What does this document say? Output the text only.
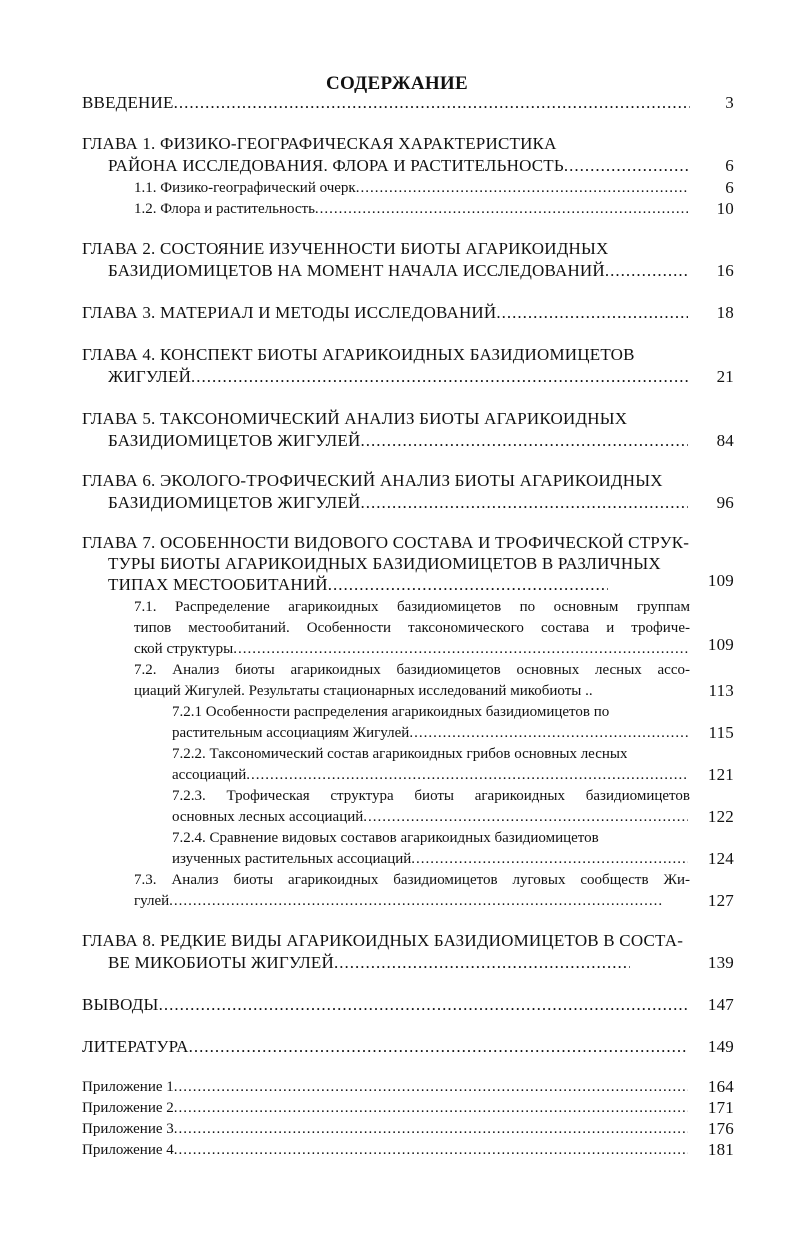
СОДЕРЖАНИЕ
ВВЕДЕНИЕ .....	3
ГЛАВА 1. ФИЗИКО-ГЕОГРАФИЧЕСКАЯ ХАРАКТЕРИСТИКА
РАЙОНА ИССЛЕДОВАНИЯ. ФЛОРА И РАСТИТЕЛЬНОСТЬ .....	6
1.1. Физико-географический очерк .....	6
1.2. Флора и растительность .....	10
ГЛАВА 2. СОСТОЯНИЕ ИЗУЧЕННОСТИ БИОТЫ АГАРИКОИДНЫХ
БАЗИДИОМИЦЕТОВ НА МОМЕНТ НАЧАЛА ИССЛЕДОВАНИЙ .....	16
ГЛАВА 3. МАТЕРИАЛ И МЕТОДЫ ИССЛЕДОВАНИЙ .....	18
ГЛАВА 4. КОНСПЕКТ БИОТЫ АГАРИКОИДНЫХ БАЗИДИОМИЦЕТОВ
ЖИГУЛЕЙ .....	21
ГЛАВА 5. ТАКСОНОМИЧЕСКИЙ АНАЛИЗ БИОТЫ АГАРИКОИДНЫХ
БАЗИДИОМИЦЕТОВ ЖИГУЛЕЙ .....	84
ГЛАВА 6. ЭКОЛОГО-ТРОФИЧЕСКИЙ АНАЛИЗ БИОТЫ АГАРИКОИДНЫХ
БАЗИДИОМИЦЕТОВ ЖИГУЛЕЙ .....	96
ГЛАВА 7. ОСОБЕННОСТИ ВИДОВОГО СОСТАВА И ТРОФИЧЕСКОЙ СТРУК-
ТУРЫ БИОТЫ АГАРИКОИДНЫХ БАЗИДИОМИЦЕТОВ В РАЗЛИЧНЫХ
ТИПАХ МЕСТООБИТАНИЙ .....	109
7.1. Распределение агарикоидных базидиомицетов по основным группам
типов местообитаний. Особенности таксономического состава и трофиче-
ской структуры .....	109
7.2. Анализ биоты агарикоидных базидиомицетов основных лесных ассо-
циаций Жигулей. Результаты стационарных исследований микобиоты ..	113
7.2.1 Особенности распределения агарикоидных базидиомицетов по
растительным ассоциациям Жигулей .....	115
7.2.2. Таксономический состав агарикоидных грибов основных лесных
ассоциаций .....	121
7.2.3. Трофическая структура биоты агарикоидных базидиомицетов
основных лесных ассоциаций .....	122
7.2.4. Сравнение видовых составов агарикоидных базидиомицетов
изученных растительных ассоциаций .....	124
7.3. Анализ биоты агарикоидных базидиомицетов луговых сообществ Жи-
гулей .....	127
ГЛАВА 8. РЕДКИЕ ВИДЫ АГАРИКОИДНЫХ БАЗИДИОМИЦЕТОВ В СОСТА-
ВЕ МИКОБИОТЫ ЖИГУЛЕЙ .....	139
ВЫВОДЫ .....	147
ЛИТЕРАТУРА .....	149
Приложение 1 .....	164
Приложение 2 .....	171
Приложение 3 .....	176
Приложение 4 .....	181
